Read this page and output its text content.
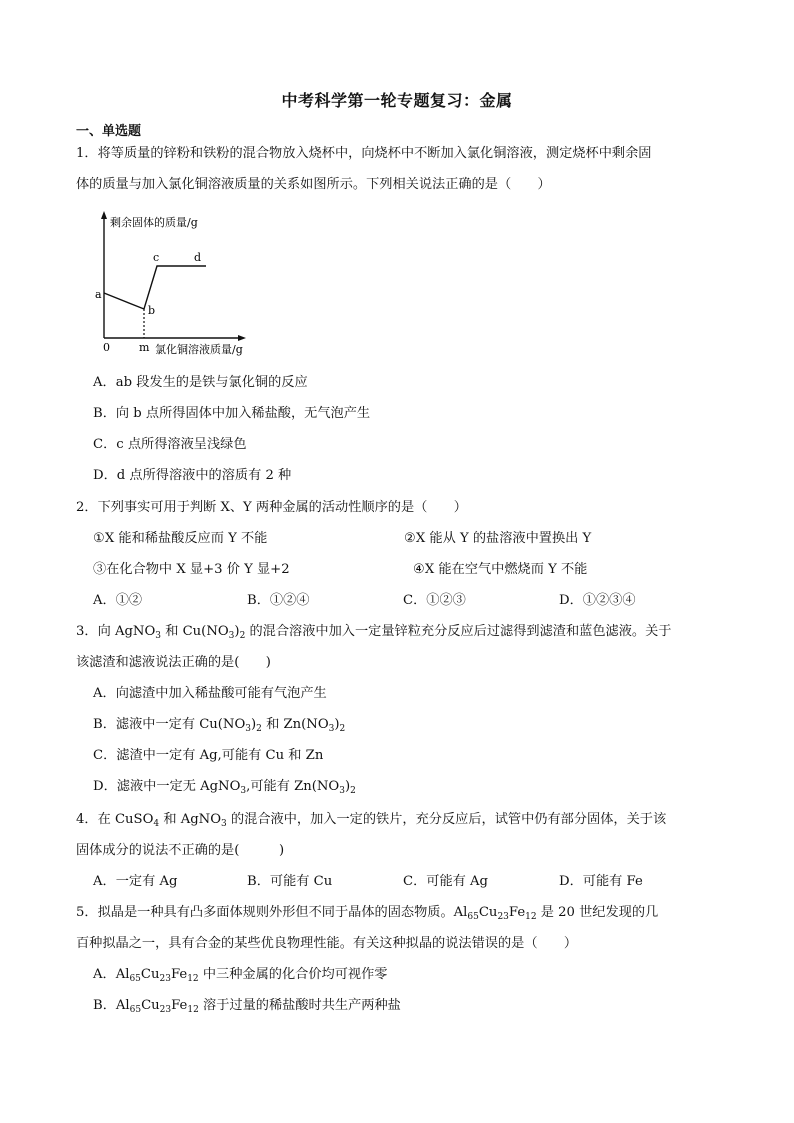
中考科学第一轮专题复习：金属
一、单选题
1．将等质量的锌粉和铁粉的混合物放入烧杯中，向烧杯中不断加入氯化铜溶液，测定烧杯中剩余固
体的质量与加入氯化铜溶液质量的关系如图所示。下列相关说法正确的是（　　）
剩余固体的质量/g
a
b
c	d
0	m 氯化铜溶液质量/g
A．ab 段发生的是铁与氯化铜的反应
B．向 b 点所得固体中加入稀盐酸，无气泡产生
C．c 点所得溶液呈浅绿色
D．d 点所得溶液中的溶质有 2 种
2．下列事实可用于判断 X、Y 两种金属的活动性顺序的是（　　）
①X 能和稀盐酸反应而 Y 不能	②X 能从 Y 的盐溶液中置换出 Y
③在化合物中 X 显+3 价 Y 显+2	④X 能在空气中燃烧而 Y 不能
A．①②	B．①②④	C．①②③	D．①②③④
3．向 AgNO$_3$ 和 $Cu(NO_3)_2$ 的混合溶液中加入一定量锌粒充分反应后过滤得到滤渣和蓝色滤液。关于
该滤渣和滤液说法正确的是(　　)
A．向滤渣中加入稀盐酸可能有气泡产生
B．滤液中一定有 $Cu(NO_3)_2$ 和 $Zn(NO_3)_2$
C．滤渣中一定有 Ag,可能有 Cu 和 Zn
D．滤液中一定无 AgNO$_3$,可能有 $Zn(NO_3)_2$
4．在 CuSO$_4$ 和 AgNO$_3$ 的混合液中，加入一定的铁片，充分反应后，试管中仍有部分固体，关于该
固体成分的说法不正确的是(　　　)
A．一定有 Ag	B．可能有 Cu	C．可能有 Ag	D．可能有 Fe
5．拟晶是一种具有凸多面体规则外形但不同于晶体的固态物质。$Al_{65}Cu_{23}Fe_{12}$ 是 20 世纪发现的几
百种拟晶之一，具有合金的某些优良物理性能。有关这种拟晶的说法错误的是（　　）
A．$Al_{65}Cu_{23}Fe_{12}$ 中三种金属的化合价均可视作零
B．$Al_{65}Cu_{23}Fe_{12}$ 溶于过量的稀盐酸时共生产两种盐
